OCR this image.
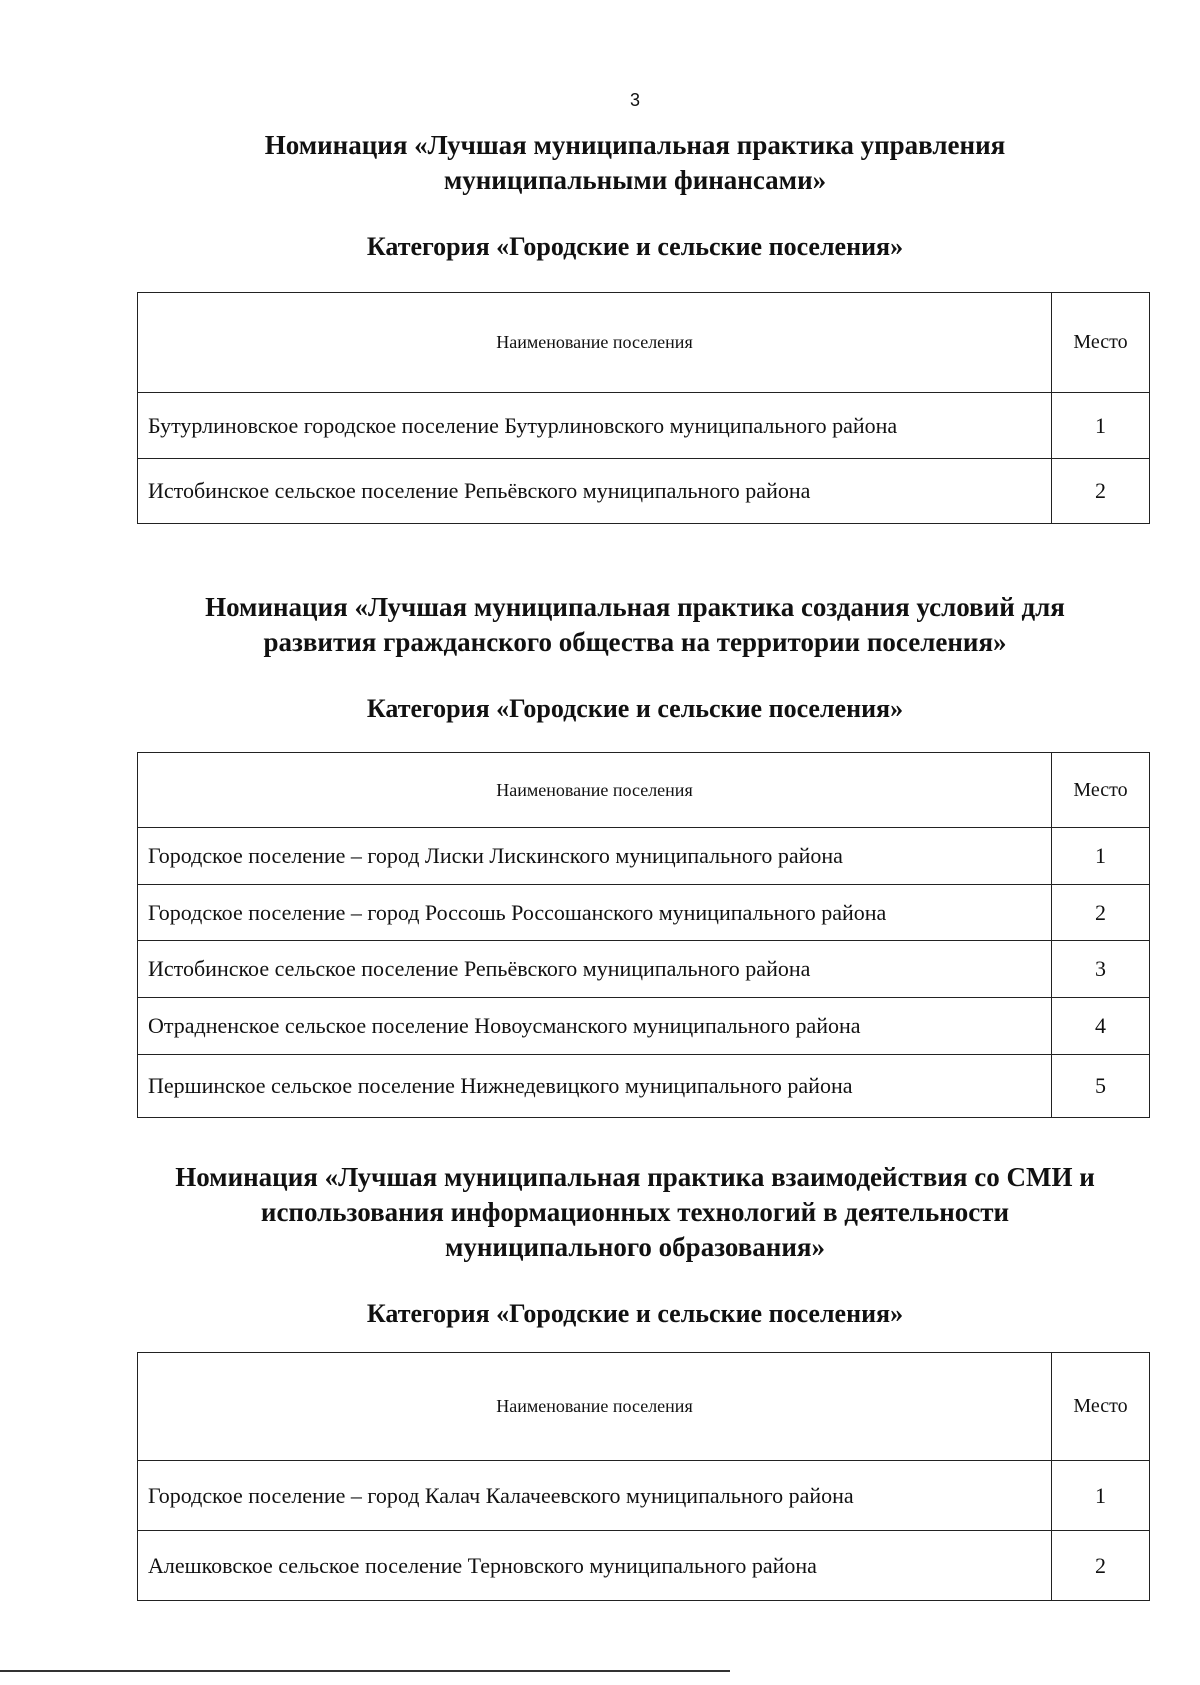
3
Номинация «Лучшая муниципальная практика управления
муниципальными финансами»
Категория «Городские и сельские поселения»
Наименование поселения	Место
Бутурлиновское городское поселение Бутурлиновского муниципального района	1
Истобинское сельское поселение Репьёвского муниципального района	2
Номинация «Лучшая муниципальная практика создания условий для
развития гражданского общества на территории поселения»
Категория «Городские и сельские поселения»
Наименование поселения	Место
Городское поселение – город Лиски Лискинского муниципального района	1
Городское поселение – город Россошь Россошанского муниципального района	2
Истобинское сельское поселение Репьёвского муниципального района	3
Отрадненское сельское поселение Новоусманского муниципального района	4
Першинское сельское поселение Нижнедевицкого муниципального района	5
Номинация «Лучшая муниципальная практика взаимодействия со СМИ и
использования информационных технологий в деятельности
муниципального образования»
Категория «Городские и сельские поселения»
Наименование поселения	Место
Городское поселение – город Калач Калачеевского муниципального района	1
Алешковское сельское поселение Терновского муниципального района	2
